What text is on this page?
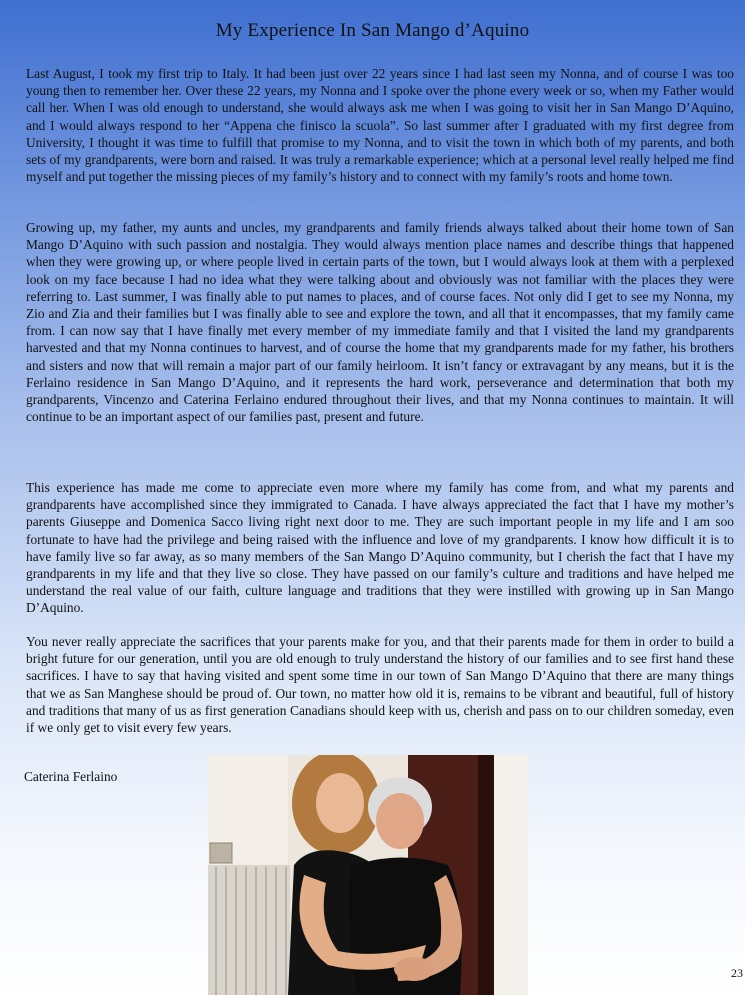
My Experience In San Mango d’Aquino

Last August, I took my first trip to Italy. It had been just over 22 years since I had last seen my Nonna, and of course I was too young then to remember her. Over these 22 years, my Nonna and I spoke over the phone every week or so, when my Father would call her. When I was old enough to understand, she would always ask me when I was going to visit her in San Mango D’Aquino, and I would always respond to her “Appena che finisco la scuola”. So last summer after I graduated with my first degree from University, I thought it was time to fulfill that promise to my Nonna, and to visit the town in which both of my parents, and both sets of my grandparents, were born and raised. It was truly a remarkable experience; which at a personal level really helped me find myself and put together the missing pieces of my family’s history and to connect with my family’s roots and home town.

Growing up, my father, my aunts and uncles, my grandparents and family friends always talked about their home town of San Mango D’Aquino with such passion and nostalgia. They would always mention place names and describe things that happened when they were growing up, or where people lived in certain parts of the town, but I would always look at them with a perplexed look on my face because I had no idea what they were talking about and obviously was not familiar with the places they were referring to. Last summer, I was finally able to put names to places, and of course faces. Not only did I get to see my Nonna, my Zio and Zia and their families but I was finally able to see and explore the town, and all that it encompasses, that my family came from. I can now say that I have finally met every member of my immediate family and that I visited the land my grandparents harvested and that my Nonna continues to harvest, and of course the home that my grandparents made for my father, his brothers and sisters and now that will remain a major part of our family heirloom. It isn’t fancy or extravagant by any means, but it is the Ferlaino residence in San Mango D’Aquino, and it represents the hard work, perseverance and determination that both my grandparents, Vincenzo and Caterina Ferlaino endured throughout their lives, and that my Nonna continues to maintain. It will continue to be an important aspect of our families past, present and future.

This experience has made me come to appreciate even more where my family has come from, and what my parents and grandparents have accomplished since they immigrated to Canada. I have always appreciated the fact that I have my mother’s parents Giuseppe and Domenica Sacco living right next door to me. They are such important people in my life and I am soo fortunate to have had the privilege and being raised with the influence and love of my grandparents. I know how difficult it is to have family live so far away, as so many members of the San Mango D’Aquino community, but I cherish the fact that I have my grandparents in my life and that they live so close. They have passed on our family’s culture and traditions and have helped me understand the real value of our faith, culture language and traditions that they were instilled with growing up in San Mango D’Aquino.

You never really appreciate the sacrifices that your parents make for you, and that their parents made for them in order to build a bright future for our generation, until you are old enough to truly understand the history of our families and to see first hand these sacrifices. I have to say that having visited and spent some time in our town of San Mango D’Aquino that there are many things that we as San Manghese should be proud of. Our town, no matter how old it is, remains to be vibrant and beautiful, full of history and traditions that many of us as first generation Canadians should keep with us, cherish and pass on to our children someday, even if we only get to visit every few years.

Caterina Ferlaino
23
